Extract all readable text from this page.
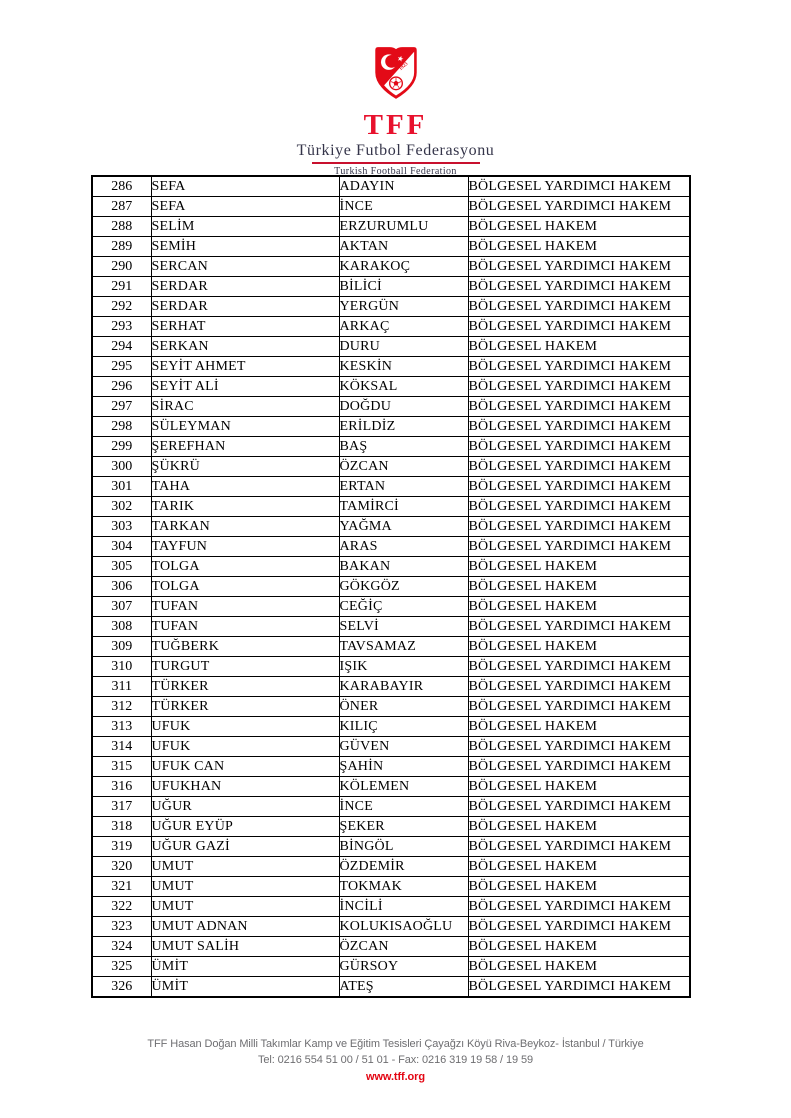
1923
TFF
Türkiye Futbol Federasyonu
Turkish Football Federation
286	SEFA	ADAYIN	BÖLGESEL YARDIMCI HAKEM
287	SEFA	İNCE	BÖLGESEL YARDIMCI HAKEM
288	SELİM	ERZURUMLU	BÖLGESEL HAKEM
289	SEMİH	AKTAN	BÖLGESEL HAKEM
290	SERCAN	KARAKOÇ	BÖLGESEL YARDIMCI HAKEM
291	SERDAR	BİLİCİ	BÖLGESEL YARDIMCI HAKEM
292	SERDAR	YERGÜN	BÖLGESEL YARDIMCI HAKEM
293	SERHAT	ARKAÇ	BÖLGESEL YARDIMCI HAKEM
294	SERKAN	DURU	BÖLGESEL HAKEM
295	SEYİT AHMET	KESKİN	BÖLGESEL YARDIMCI HAKEM
296	SEYİT ALİ	KÖKSAL	BÖLGESEL YARDIMCI HAKEM
297	SİRAC	DOĞDU	BÖLGESEL YARDIMCI HAKEM
298	SÜLEYMAN	ERİLDİZ	BÖLGESEL YARDIMCI HAKEM
299	ŞEREFHAN	BAŞ	BÖLGESEL YARDIMCI HAKEM
300	ŞÜKRÜ	ÖZCAN	BÖLGESEL YARDIMCI HAKEM
301	TAHA	ERTAN	BÖLGESEL YARDIMCI HAKEM
302	TARIK	TAMİRCİ	BÖLGESEL YARDIMCI HAKEM
303	TARKAN	YAĞMA	BÖLGESEL YARDIMCI HAKEM
304	TAYFUN	ARAS	BÖLGESEL YARDIMCI HAKEM
305	TOLGA	BAKAN	BÖLGESEL HAKEM
306	TOLGA	GÖKGÖZ	BÖLGESEL HAKEM
307	TUFAN	CEĞİÇ	BÖLGESEL HAKEM
308	TUFAN	SELVİ	BÖLGESEL YARDIMCI HAKEM
309	TUĞBERK	TAVSAMAZ	BÖLGESEL HAKEM
310	TURGUT	IŞIK	BÖLGESEL YARDIMCI HAKEM
311	TÜRKER	KARABAYIR	BÖLGESEL YARDIMCI HAKEM
312	TÜRKER	ÖNER	BÖLGESEL YARDIMCI HAKEM
313	UFUK	KILIÇ	BÖLGESEL HAKEM
314	UFUK	GÜVEN	BÖLGESEL YARDIMCI HAKEM
315	UFUK CAN	ŞAHİN	BÖLGESEL YARDIMCI HAKEM
316	UFUKHAN	KÖLEMEN	BÖLGESEL HAKEM
317	UĞUR	İNCE	BÖLGESEL YARDIMCI HAKEM
318	UĞUR EYÜP	ŞEKER	BÖLGESEL HAKEM
319	UĞUR GAZİ	BİNGÖL	BÖLGESEL YARDIMCI HAKEM
320	UMUT	ÖZDEMİR	BÖLGESEL HAKEM
321	UMUT	TOKMAK	BÖLGESEL HAKEM
322	UMUT	İNCİLİ	BÖLGESEL YARDIMCI HAKEM
323	UMUT ADNAN	KOLUKISAOĞLU	BÖLGESEL YARDIMCI HAKEM
324	UMUT SALİH	ÖZCAN	BÖLGESEL HAKEM
325	ÜMİT	GÜRSOY	BÖLGESEL HAKEM
326	ÜMİT	ATEŞ	BÖLGESEL YARDIMCI HAKEM
TFF Hasan Doğan Milli Takımlar Kamp ve Eğitim Tesisleri Çayağzı Köyü Riva-Beykoz- İstanbul / Türkiye
Tel: 0216 554 51 00 / 51 01 - Fax: 0216 319 19 58 / 19 59
www.tff.org
